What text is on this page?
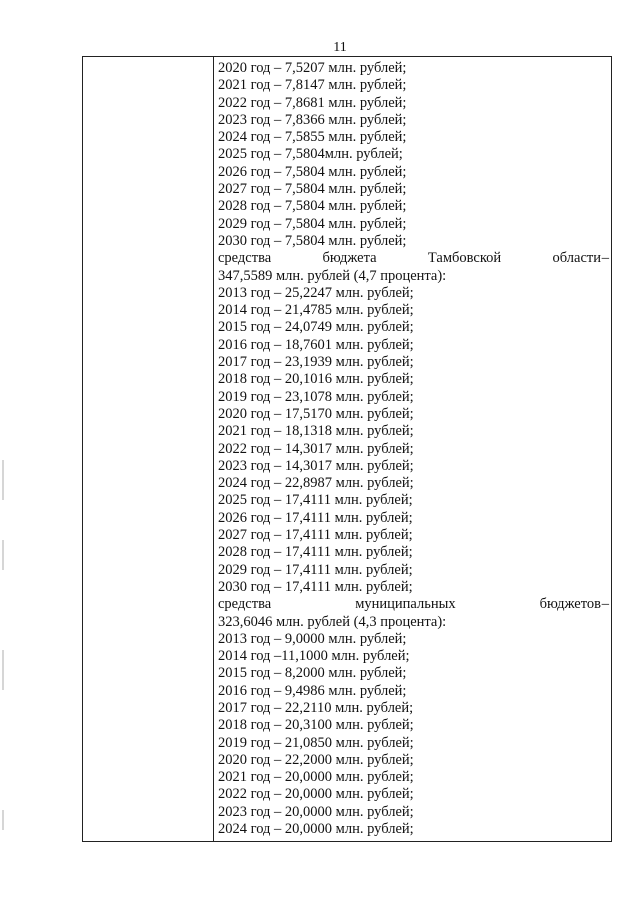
11
2020 год – 7,5207 млн. рублей;
2021 год – 7,8147 млн. рублей;
2022 год – 7,8681 млн. рублей;
2023 год – 7,8366 млн. рублей;
2024 год – 7,5855 млн. рублей;
2025 год – 7,5804млн. рублей;
2026 год – 7,5804 млн. рублей;
2027 год – 7,5804 млн. рублей;
2028 год – 7,5804 млн. рублей;
2029 год – 7,5804 млн. рублей;
2030 год – 7,5804 млн. рублей;
средства	бюджета	Тамбовской	области –
347,5589 млн. рублей (4,7 процента):
2013 год – 25,2247 млн. рублей;
2014 год – 21,4785 млн. рублей;
2015 год – 24,0749 млн. рублей;
2016 год – 18,7601 млн. рублей;
2017 год – 23,1939 млн. рублей;
2018 год – 20,1016 млн. рублей;
2019 год – 23,1078 млн. рублей;
2020 год – 17,5170 млн. рублей;
2021 год – 18,1318 млн. рублей;
2022 год – 14,3017 млн. рублей;
2023 год – 14,3017 млн. рублей;
2024 год – 22,8987 млн. рублей;
2025 год – 17,4111 млн. рублей;
2026 год – 17,4111 млн. рублей;
2027 год – 17,4111 млн. рублей;
2028 год – 17,4111 млн. рублей;
2029 год – 17,4111 млн. рублей;
2030 год – 17,4111 млн. рублей;
средства	муниципальных	бюджетов –
323,6046 млн. рублей (4,3 процента):
2013 год – 9,0000 млн. рублей;
2014 год –11,1000 млн. рублей;
2015 год – 8,2000 млн. рублей;
2016 год – 9,4986 млн. рублей;
2017 год – 22,2110 млн. рублей;
2018 год – 20,3100 млн. рублей;
2019 год – 21,0850 млн. рублей;
2020 год – 22,2000 млн. рублей;
2021 год – 20,0000 млн. рублей;
2022 год – 20,0000 млн. рублей;
2023 год – 20,0000 млн. рублей;
2024 год – 20,0000 млн. рублей;
